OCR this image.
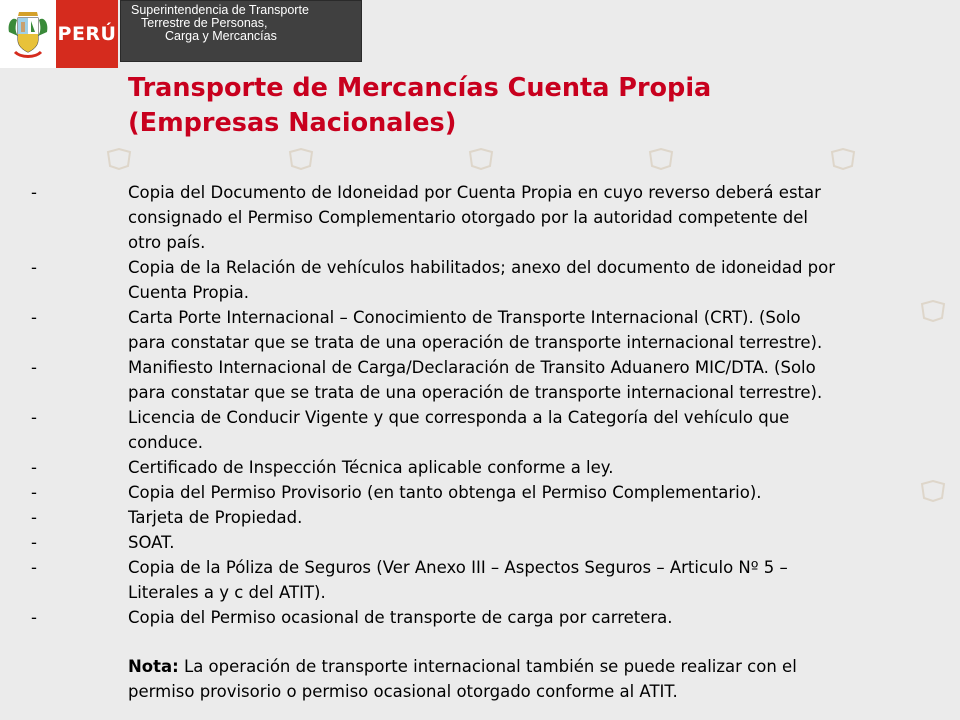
PERÚ
Superintendencia de Transporte
Terrestre de Personas,
Carga y Mercancías
Transporte de Mercancías Cuenta Propia
(Empresas Nacionales)
-	Copia del Documento de Idoneidad por Cuenta Propia en cuyo reverso deberá estar
consignado el Permiso Complementario otorgado por la autoridad competente del
otro país.
-	Copia de la Relación de vehículos habilitados; anexo del documento de idoneidad por
Cuenta Propia.
-	Carta Porte Internacional – Conocimiento de Transporte Internacional (CRT). (Solo
para constatar que se trata de una operación de transporte internacional terrestre).
-	Manifiesto Internacional de Carga/Declaración de Transito Aduanero MIC/DTA. (Solo
para constatar que se trata de una operación de transporte internacional terrestre).
-	Licencia de Conducir Vigente y que corresponda a la Categoría del vehículo que
conduce.
-	Certificado de Inspección Técnica aplicable conforme a ley.
-	Copia del Permiso Provisorio (en tanto obtenga el Permiso Complementario).
-	Tarjeta de Propiedad.
-	SOAT.
-	Copia de la Póliza de Seguros (Ver Anexo III – Aspectos Seguros – Articulo Nº 5 –
Literales a y c del ATIT).
-	Copia del Permiso ocasional de transporte de carga por carretera.
Nota: La operación de transporte internacional también se puede realizar con el
permiso provisorio o permiso ocasional otorgado conforme al ATIT.
